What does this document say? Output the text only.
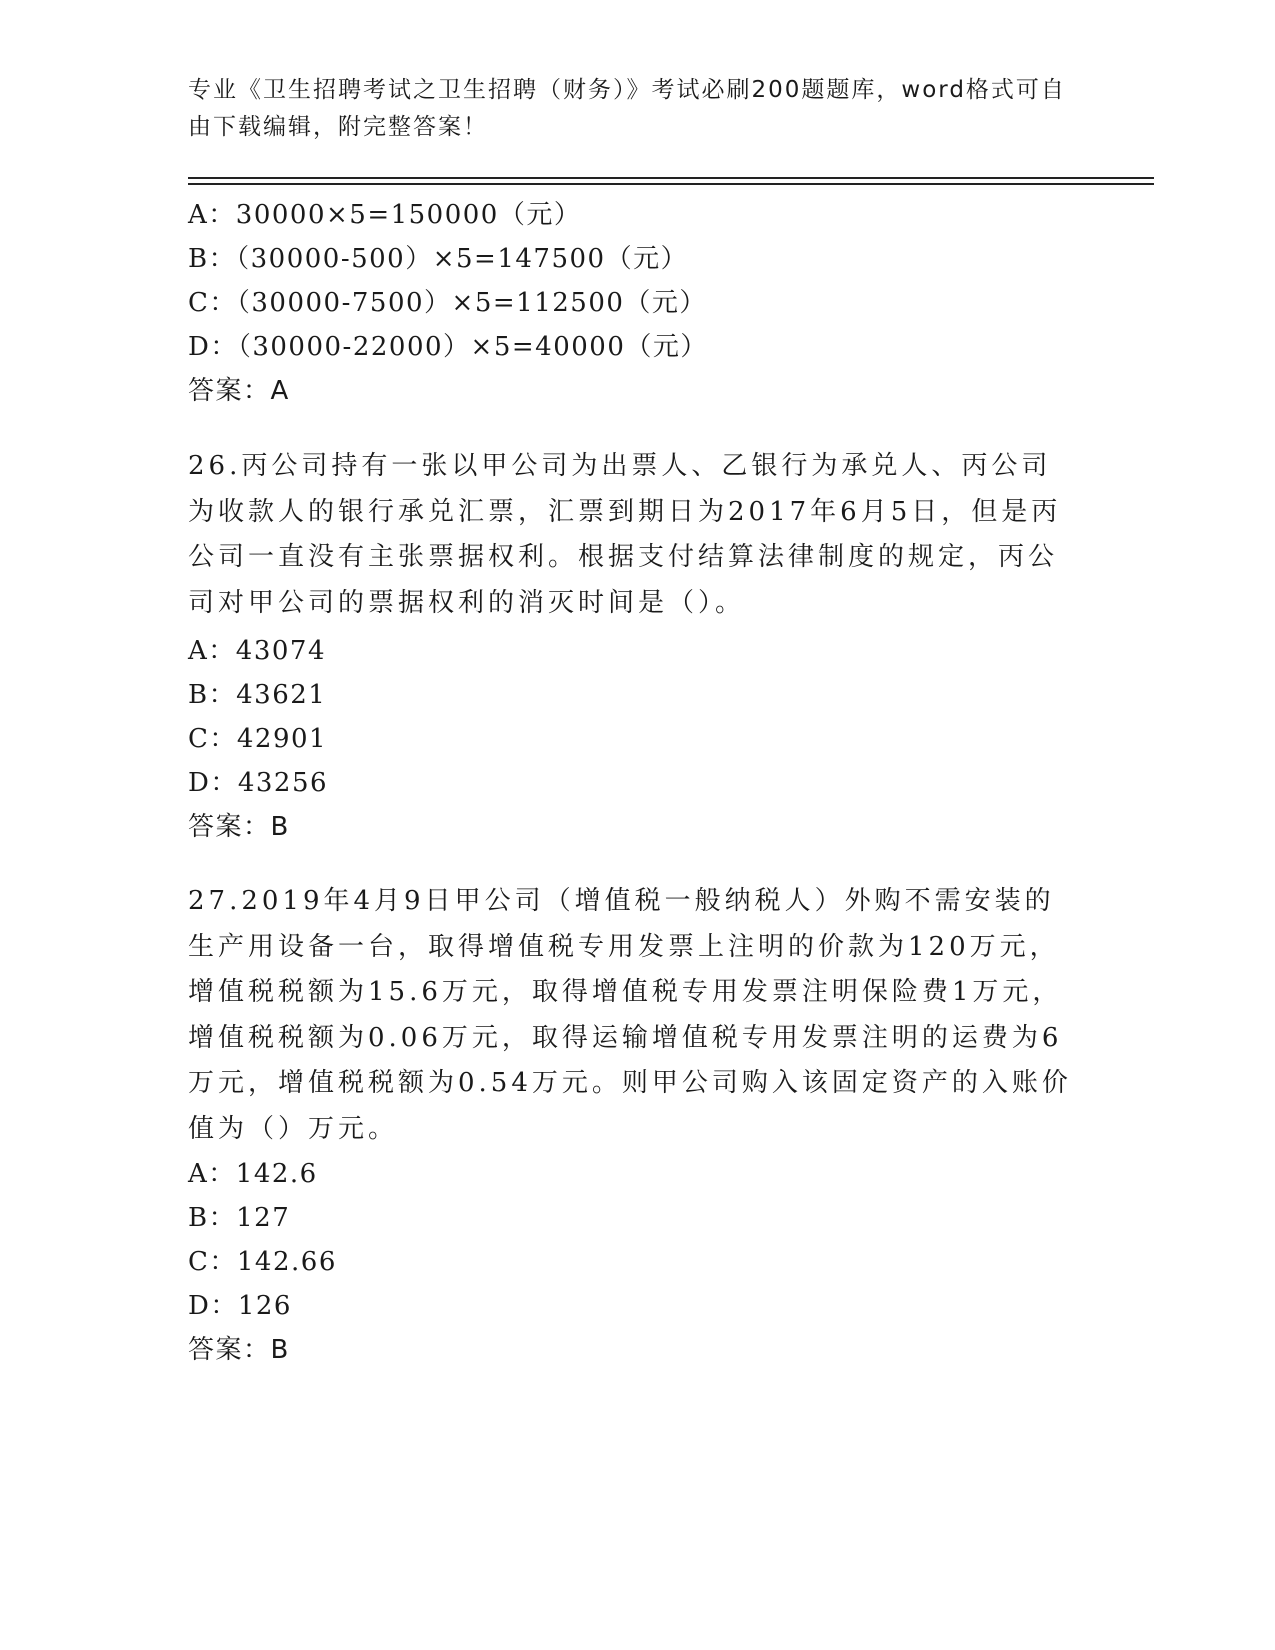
专业《卫生招聘考试之卫生招聘（财务）》考试必刷200题题库，word格式可自由下载编辑，附完整答案！
A：30000×5=150000（元）
B：（30000-500）×5=147500（元）
C：（30000-7500）×5=112500（元）
D：（30000-22000）×5=40000（元）
答案：A
26.丙公司持有一张以甲公司为出票人、乙银行为承兑人、丙公司为收款人的银行承兑汇票，汇票到期日为2017年6月5日，但是丙公司一直没有主张票据权利。根据支付结算法律制度的规定，丙公司对甲公司的票据权利的消灭时间是（）。
A：43074
B：43621
C：42901
D：43256
答案：B
27.2019年4月9日甲公司（增值税一般纳税人）外购不需安装的生产用设备一台，取得增值税专用发票上注明的价款为120万元，增值税税额为15.6万元，取得增值税专用发票注明保险费1万元，增值税税额为0.06万元，取得运输增值税专用发票注明的运费为6万元，增值税税额为0.54万元。则甲公司购入该固定资产的入账价值为（）万元。
A：142.6
B：127
C：142.66
D：126
答案：B
